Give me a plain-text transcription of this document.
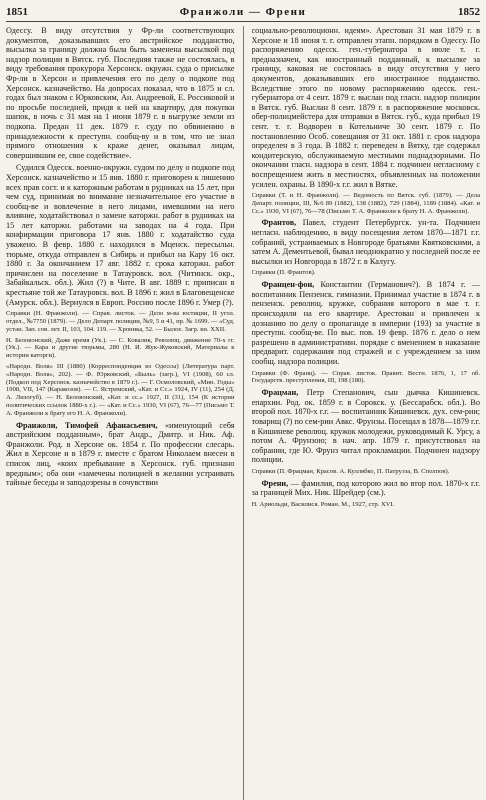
1851	Франжоли — Френи	1852

Одессу. В виду отсутствия у Фр-ли соответствующих документов, доказывавших его австрийское подданство, высылка за границу должна была быть заменена высылкой под надзор полиции в Вятск. губ. Последняя также не состоялась, в виду требования прокурора Херсонск. окружн. суда о присылке Фр-ли в Херсон и привлечения его по делу о подкопе под Херсонск. казначейство. На допросах показал, что в 1875 и сл. годах был знаком с Юрковским, Ан. Андреевой, Е. Россиковой и по просьбе последней, придя к ней на квартиру, для покупки шапок, в ночь с 31 мая на 1 июня 1879 г. в выгрузке земли из подкопа. Предан 11 дек. 1879 г. суду по обвинению в принадлежности к преступн. сообщ-ву и в том, что не знал прямого отношения к краже денег, оказывал лицам, совершившим ее, свое содействие».

Судился Одесск. военно-окружн. судом по делу о подкопе под Херсонск. казначейство и 15 янв. 1880 г. приговорен к лишению всех прав сост. и к каторжным работам в рудниках на 15 лет, при чем суд, принимая во внимание незначительное его участие в сообщ-ве и вовлечение в него лицами, имевшими на него влияние, ходатайствовал о замене каторжн. работ в рудниках на 15 лет каторжн. работами на заводах на 4 года. При конфирмации приговора 17 янв. 1880 г. ходатайство суда уважено. В февр. 1880 г. находился в Мценск. пересыльн. тюрьме, откуда отправлен в Сибирь и прибыл на Кару 16 окт. 1880 г. За окончанием 17 авг. 1882 г. срока каторжн. работ причислен на поселение в Татауровск. вол. (Читинск. окр., Забайкальск. обл.). Жил (?) в Чите. В авг. 1889 г. приписан в крестьяне той же Татауровск. вол. В 1896 г. жил в Благовещенске (Амурск. обл.). Вернулся в Европ. Россию после 1896 г. Умер (?).

Справки (Н. Франжоли). — Справ. листок. — Дело м-ва юстиции, II угол. отдел., №7750 (1879). — Дело Департ. полиции, №9, 5 и 41, пр. № 1699. — «Суд. устан. Зап. сов. лет. II, 103, 104. 119. — Хроника, 52. — Былое. Загр. кн. XXII.

Н. Беловонский, Даже время (Ук.). — С. Ковалик, Революц. движение 70-х гг. (Ук.). — Кара и другие тюрьмы, 280 (Н. И. Жук-Жуковский, Материалы к истории каторги).

«Народн. Воля» III (1880) (Корреспонденция из Одессы) (Литература парт. «Народн. Воля», 202). — Ф. Юрковский, «Быль» (загр.), VI (1908), 60 сл. (Подкоп под Херсонск. казначейство в 1879 г.). — Г. Осмоловский, «Мин. Годы» 1908, VII, 147 (Каракозов). — С. Ястремский, «Кат. и Сс.» 1924, IV (11), 254 (Д. А. Лизогуб). — Н. Беловонский, «Кат. и сс.» 1927, II (31), 154 (К истории политических ссылок 1880-х г.). — «Кат. и Сс.» 1930, VI (67), 76—77 (Письмо Т. А. Франжоли к брату его Н. А. Франжоли).

Франжоли, Тимофей Афанасьевич, «именующий себя австрийским подданным», брат Андр., Дмитр. и Ник. Аф. Франжоли. Род. в Херсоне ок. 1854 г. По профессии слесарь. Жил в Херсоне и в 1879 г. вместе с братом Николаем внесен в список лиц, «коих пребывание в Херсонск. губ. признано вредным»; оба они «замечены полицией в желании устраивать тайные беседы и заподозрены в сочувствии

социально-революционн. идеям». Арестован 31 мая 1879 г. в Херсоне и 18 июня т. г. отправлен этапн. порядком в Одессу. По распоряжению одесск. ген.-губернатора в июле т. г. предназначен, как иностранный подданный, к высылке за границу, каковая не состоялась в виду отсутствия у него документов, доказывавших его иностранное подданство. Вследствие этого по новому распоряжению одесск. ген.-губернатора от 4 сент. 1879 г. выслан под гласн. надзор полиции в Вятск. губ. Выслан 8 сент. 1879 г. в распоряжение московск. обер-полицмейстера для отправки в Вятск. губ., куда прибыл 19 сент. т. г. Водворен в Котельниче 30 сент. 1879 г. По постановлению Особ. совещания от 31 окт. 1881 г. срок надзора определен в 3 года. В 1882 г. переведен в Вятку, где содержал кондитерскую, обслуживаемую местными поднадзорными. По окончании гласн. надзора в сент. 1884 г. подчинен негласному с воспрещением жить в местностях, объявленных на положении усилен. охраны. В 1890-х г.г. жил в Вятке.

Справки (Т. и Н. Франжоли). — Ведомость по Вятск. губ. (1879). — Дела Департ. полиции, III, №6 89 (1882), 138 (1882), 729 (1884), 1189 (1884). «Кат. и Сс.» 1930, VI (67), 76—78 (Письмо Т. А. Франжоли к брату Н. А. Франжоли).

Франтов, Павел, студент Петербургск. ун-та. Подчинен негласн. наблюдению, в виду посещения летом 1870—1871 г.г. собраний, устраиваемых в Новгороде братьями Квятковскими, а затем А. Дементьевой, бывал неоднократно у последней после ее высылки из Новгорода в 1872 г. в Калугу.

Справки (П. Франтов).

Францен-фон, Константин (Германович?). В 1874 г. — воспитанник Пензенск. гимназии. Принимал участие в 1874 г. в пензенск. революц. кружке, собрания которого в мае т. г. происходили на его квартире. Арестован и привлечен к дознанию по делу о пропаганде в империи (193) за участие в преступн. сообщ-ве. По выс. пов. 19 февр. 1876 г. дело о нем разрешено в административн. порядке с вменением в наказание предварит. содержания под стражей и с учреждением за ним сообщ. надзора полиции.

Справки (Ф. Франц). — Справ. листок. Правит. Вестн. 1876, 1, 17 об. Государств. преступления, III, 198 (180).

Фрацман, Петр Степанович, сын дьячка Кишиневск. епархии. Род. ок. 1859 г. в Сорокск. у. (Бессарабск. обл.). Во второй пол. 1870-х г.г. — воспитанник Кишиневск. дух. сем-рии; товарищ (?) по сем-рии Авкс. Фрунзы. Посещал в 1878—1879 г.г. в Кишиневе революц. кружок молодежи, руководимый К. Урсу, а потом А. Фрунзою; в нач. апр. 1879 г. присутствовал на собрании, где Ю. Фрунз читал прокламации. Подчинен надзору полиции.

Справки (П. Фрацман, Красов. А. Куллябко, П. Патрузза, В. Сполпов).

Френи, — фамилия, под которою жил во втор пол. 1870-х г.г. за границей Мих. Ник. Шрейдер (см.).

Н. Ариольди, Василися. Роман. М., 1927, стр. XVI.
